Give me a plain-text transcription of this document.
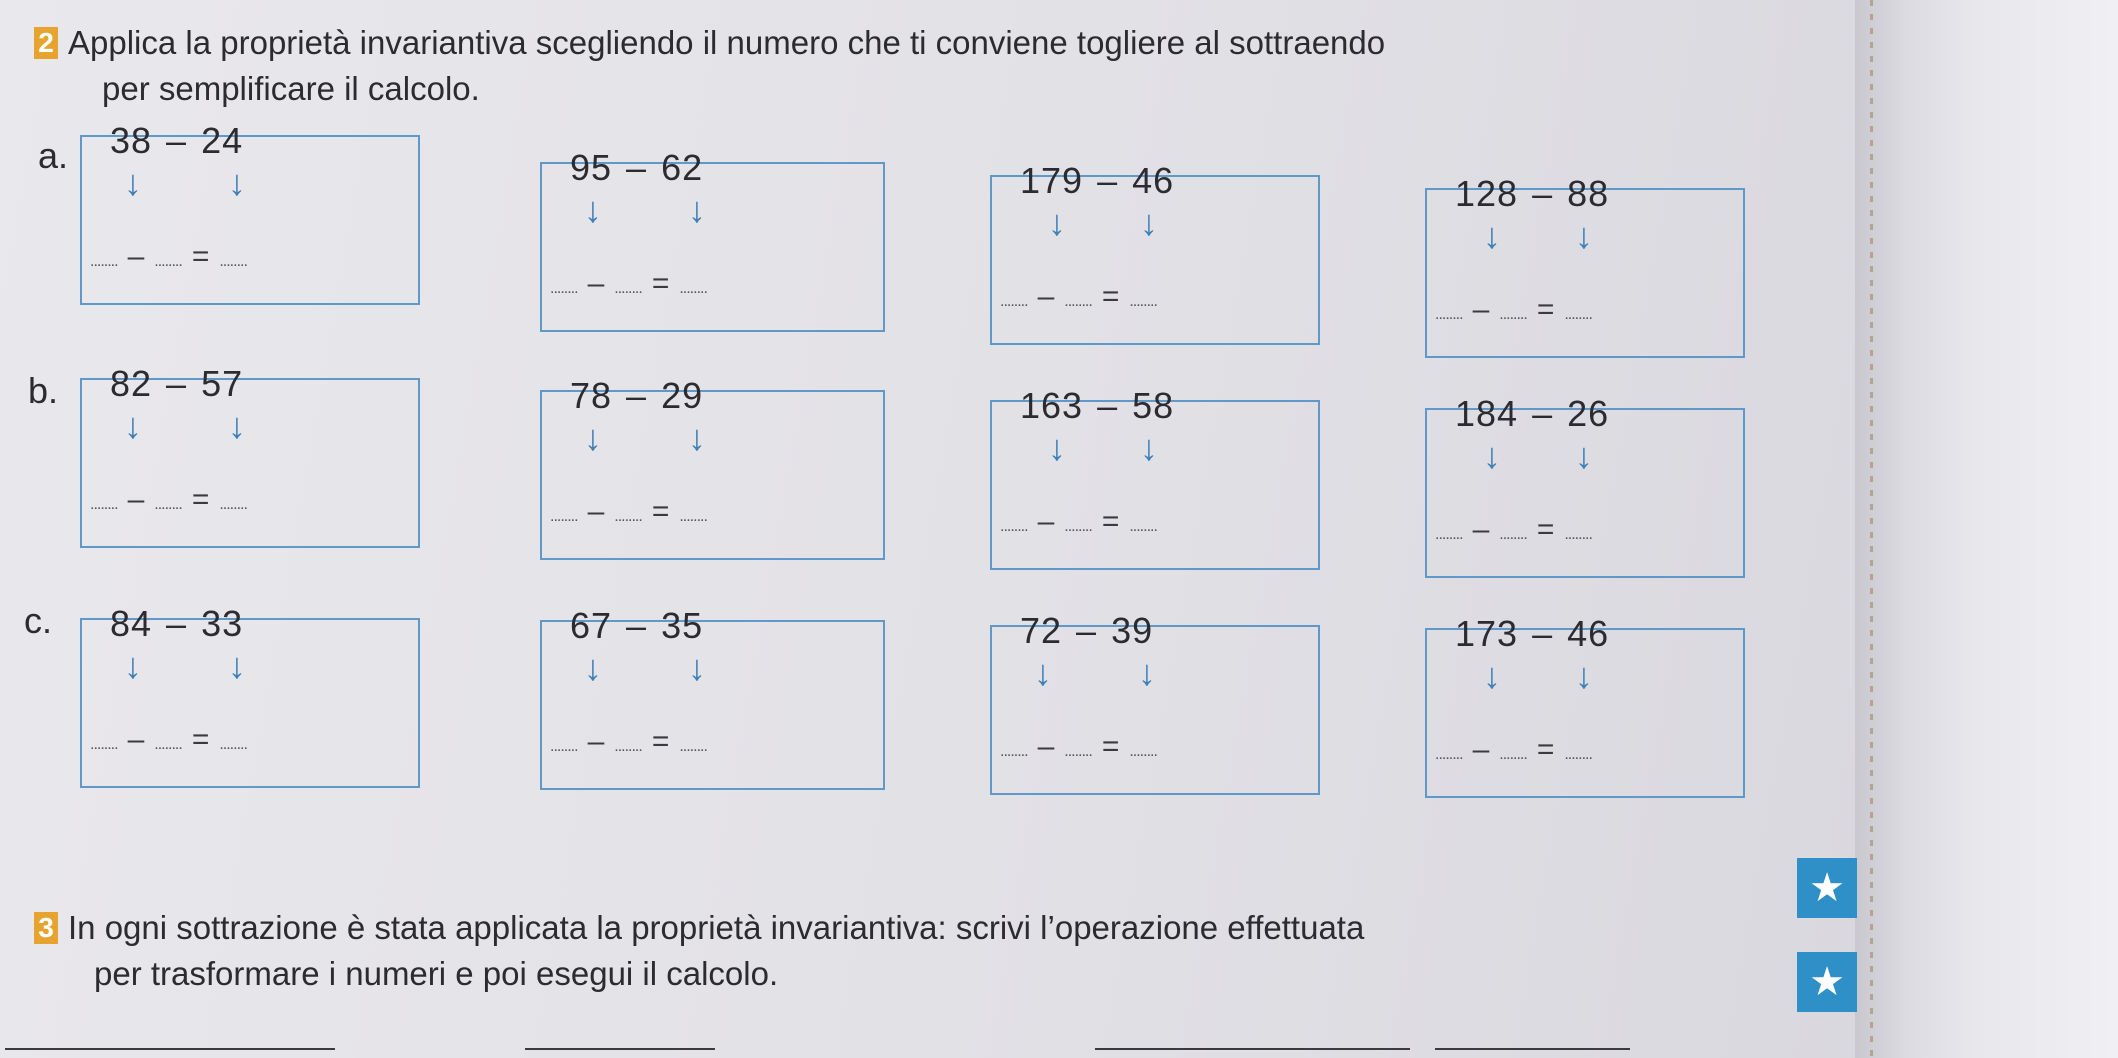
2 Applica la proprietà invariantiva scegliendo il numero che ti conviene togliere al sottraendo
per semplificare il calcolo.
a. 38 – 24
↓ ↓
........ – ........ = ........
95 – 62
↓ ↓
........ – ........ = ........
179 – 46
↓ ↓
........ – ........ = ........
128 – 88
↓ ↓
........ – ........ = ........
b. 82 – 57
↓ ↓
........ – ........ = ........
78 – 29
↓ ↓
........ – ........ = ........
163 – 58
↓ ↓
........ – ........ = ........
184 – 26
↓ ↓
........ – ........ = ........
c. 84 – 33
↓ ↓
........ – ........ = ........
67 – 35
↓ ↓
........ – ........ = ........
72 – 39
↓ ↓
........ – ........ = ........
173 – 46
↓ ↓
........ – ........ = ........
3 In ogni sottrazione è stata applicata la proprietà invariantiva: scrivi l’operazione effettuata
per trasformare i numeri e poi esegui il calcolo.
★
★
